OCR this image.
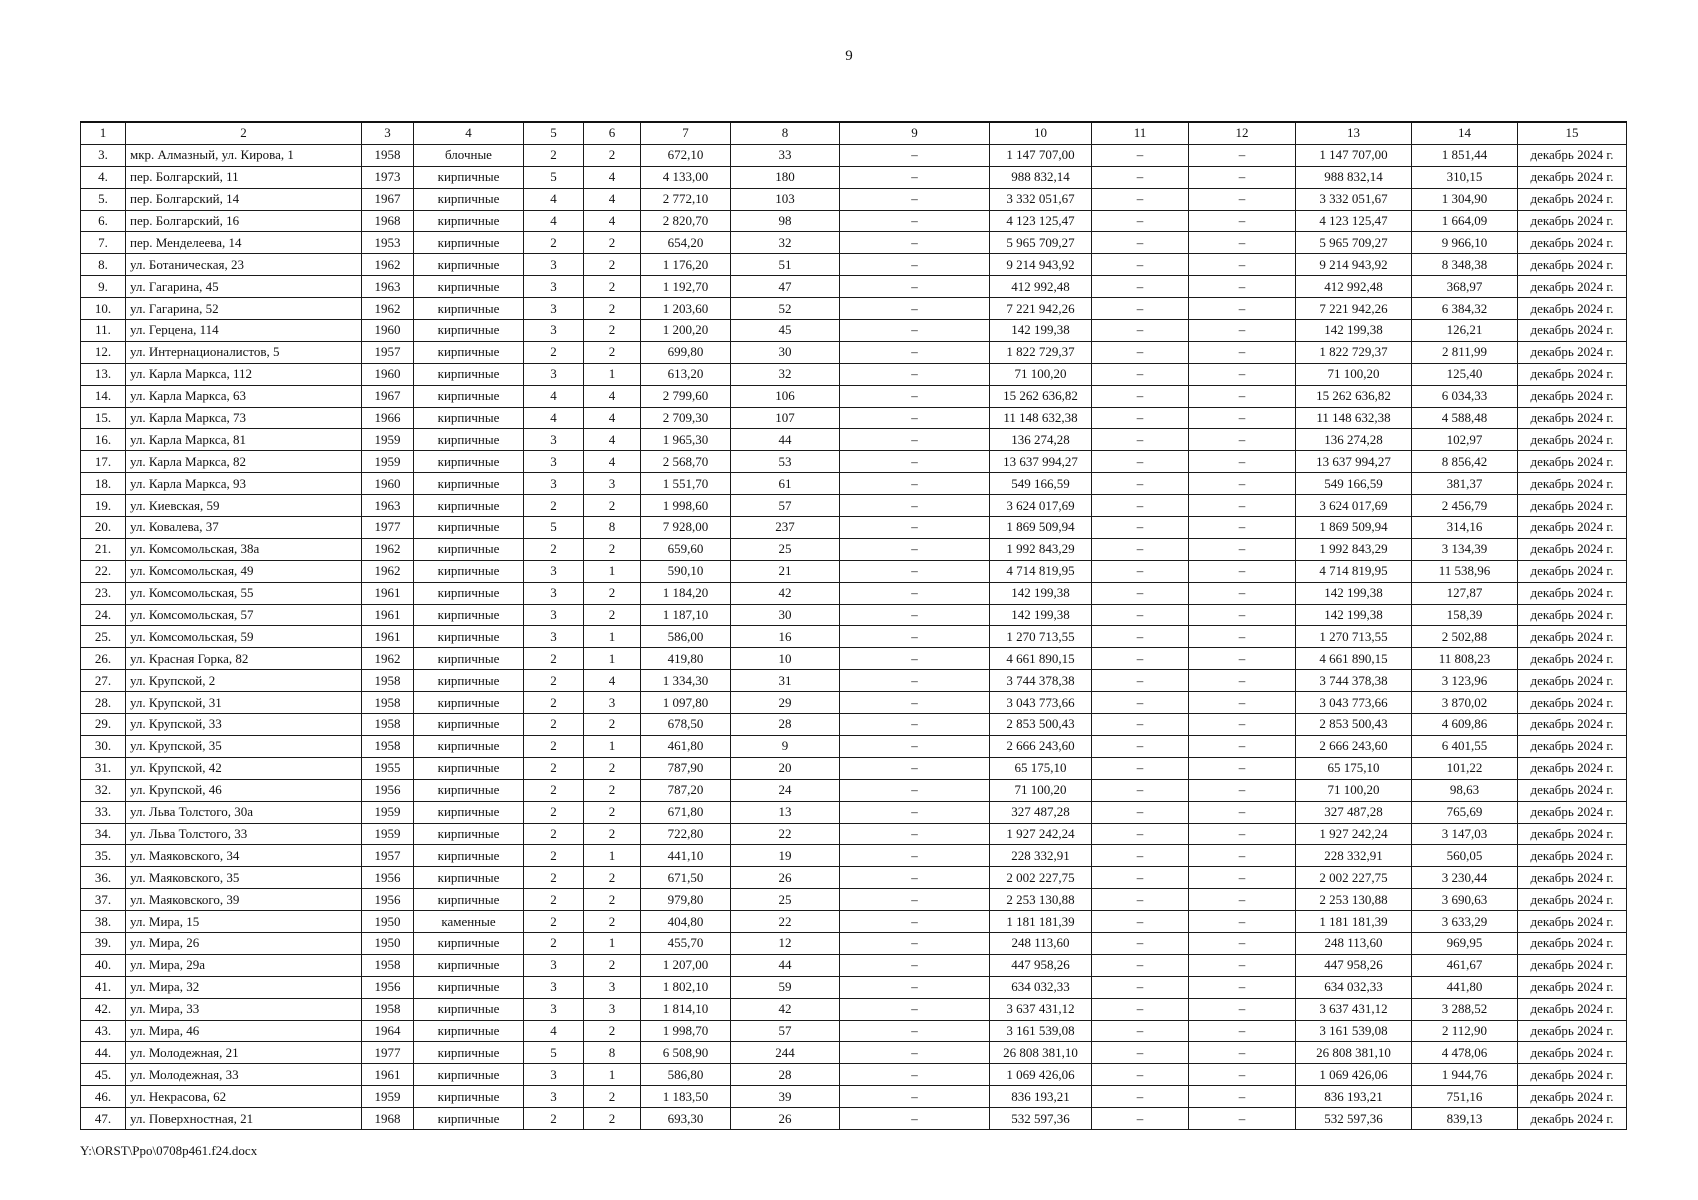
9
1	2	3	4	5	6	7	8	9	10	11	12	13	14	15
3.	мкр. Алмазный, ул. Кирова, 1	1958	блочные	2	2	672,10	33	–	1 147 707,00	–	–	1 147 707,00	1 851,44	декабрь 2024 г.
4.	пер. Болгарский, 11	1973	кирпичные	5	4	4 133,00	180	–	988 832,14	–	–	988 832,14	310,15	декабрь 2024 г.
5.	пер. Болгарский, 14	1967	кирпичные	4	4	2 772,10	103	–	3 332 051,67	–	–	3 332 051,67	1 304,90	декабрь 2024 г.
6.	пер. Болгарский, 16	1968	кирпичные	4	4	2 820,70	98	–	4 123 125,47	–	–	4 123 125,47	1 664,09	декабрь 2024 г.
7.	пер. Менделеева, 14	1953	кирпичные	2	2	654,20	32	–	5 965 709,27	–	–	5 965 709,27	9 966,10	декабрь 2024 г.
8.	ул. Ботаническая, 23	1962	кирпичные	3	2	1 176,20	51	–	9 214 943,92	–	–	9 214 943,92	8 348,38	декабрь 2024 г.
9.	ул. Гагарина, 45	1963	кирпичные	3	2	1 192,70	47	–	412 992,48	–	–	412 992,48	368,97	декабрь 2024 г.
10.	ул. Гагарина, 52	1962	кирпичные	3	2	1 203,60	52	–	7 221 942,26	–	–	7 221 942,26	6 384,32	декабрь 2024 г.
11.	ул. Герцена, 114	1960	кирпичные	3	2	1 200,20	45	–	142 199,38	–	–	142 199,38	126,21	декабрь 2024 г.
12.	ул. Интернационалистов, 5	1957	кирпичные	2	2	699,80	30	–	1 822 729,37	–	–	1 822 729,37	2 811,99	декабрь 2024 г.
13.	ул. Карла Маркса, 112	1960	кирпичные	3	1	613,20	32	–	71 100,20	–	–	71 100,20	125,40	декабрь 2024 г.
14.	ул. Карла Маркса, 63	1967	кирпичные	4	4	2 799,60	106	–	15 262 636,82	–	–	15 262 636,82	6 034,33	декабрь 2024 г.
15.	ул. Карла Маркса, 73	1966	кирпичные	4	4	2 709,30	107	–	11 148 632,38	–	–	11 148 632,38	4 588,48	декабрь 2024 г.
16.	ул. Карла Маркса, 81	1959	кирпичные	3	4	1 965,30	44	–	136 274,28	–	–	136 274,28	102,97	декабрь 2024 г.
17.	ул. Карла Маркса, 82	1959	кирпичные	3	4	2 568,70	53	–	13 637 994,27	–	–	13 637 994,27	8 856,42	декабрь 2024 г.
18.	ул. Карла Маркса, 93	1960	кирпичные	3	3	1 551,70	61	–	549 166,59	–	–	549 166,59	381,37	декабрь 2024 г.
19.	ул. Киевская, 59	1963	кирпичные	2	2	1 998,60	57	–	3 624 017,69	–	–	3 624 017,69	2 456,79	декабрь 2024 г.
20.	ул. Ковалева, 37	1977	кирпичные	5	8	7 928,00	237	–	1 869 509,94	–	–	1 869 509,94	314,16	декабрь 2024 г.
21.	ул. Комсомольская, 38а	1962	кирпичные	2	2	659,60	25	–	1 992 843,29	–	–	1 992 843,29	3 134,39	декабрь 2024 г.
22.	ул. Комсомольская, 49	1962	кирпичные	3	1	590,10	21	–	4 714 819,95	–	–	4 714 819,95	11 538,96	декабрь 2024 г.
23.	ул. Комсомольская, 55	1961	кирпичные	3	2	1 184,20	42	–	142 199,38	–	–	142 199,38	127,87	декабрь 2024 г.
24.	ул. Комсомольская, 57	1961	кирпичные	3	2	1 187,10	30	–	142 199,38	–	–	142 199,38	158,39	декабрь 2024 г.
25.	ул. Комсомольская, 59	1961	кирпичные	3	1	586,00	16	–	1 270 713,55	–	–	1 270 713,55	2 502,88	декабрь 2024 г.
26.	ул. Красная Горка, 82	1962	кирпичные	2	1	419,80	10	–	4 661 890,15	–	–	4 661 890,15	11 808,23	декабрь 2024 г.
27.	ул. Крупской, 2	1958	кирпичные	2	4	1 334,30	31	–	3 744 378,38	–	–	3 744 378,38	3 123,96	декабрь 2024 г.
28.	ул. Крупской, 31	1958	кирпичные	2	3	1 097,80	29	–	3 043 773,66	–	–	3 043 773,66	3 870,02	декабрь 2024 г.
29.	ул. Крупской, 33	1958	кирпичные	2	2	678,50	28	–	2 853 500,43	–	–	2 853 500,43	4 609,86	декабрь 2024 г.
30.	ул. Крупской, 35	1958	кирпичные	2	1	461,80	9	–	2 666 243,60	–	–	2 666 243,60	6 401,55	декабрь 2024 г.
31.	ул. Крупской, 42	1955	кирпичные	2	2	787,90	20	–	65 175,10	–	–	65 175,10	101,22	декабрь 2024 г.
32.	ул. Крупской, 46	1956	кирпичные	2	2	787,20	24	–	71 100,20	–	–	71 100,20	98,63	декабрь 2024 г.
33.	ул. Льва Толстого, 30а	1959	кирпичные	2	2	671,80	13	–	327 487,28	–	–	327 487,28	765,69	декабрь 2024 г.
34.	ул. Льва Толстого, 33	1959	кирпичные	2	2	722,80	22	–	1 927 242,24	–	–	1 927 242,24	3 147,03	декабрь 2024 г.
35.	ул. Маяковского, 34	1957	кирпичные	2	1	441,10	19	–	228 332,91	–	–	228 332,91	560,05	декабрь 2024 г.
36.	ул. Маяковского, 35	1956	кирпичные	2	2	671,50	26	–	2 002 227,75	–	–	2 002 227,75	3 230,44	декабрь 2024 г.
37.	ул. Маяковского, 39	1956	кирпичные	2	2	979,80	25	–	2 253 130,88	–	–	2 253 130,88	3 690,63	декабрь 2024 г.
38.	ул. Мира, 15	1950	каменные	2	2	404,80	22	–	1 181 181,39	–	–	1 181 181,39	3 633,29	декабрь 2024 г.
39.	ул. Мира, 26	1950	кирпичные	2	1	455,70	12	–	248 113,60	–	–	248 113,60	969,95	декабрь 2024 г.
40.	ул. Мира, 29а	1958	кирпичные	3	2	1 207,00	44	–	447 958,26	–	–	447 958,26	461,67	декабрь 2024 г.
41.	ул. Мира, 32	1956	кирпичные	3	3	1 802,10	59	–	634 032,33	–	–	634 032,33	441,80	декабрь 2024 г.
42.	ул. Мира, 33	1958	кирпичные	3	3	1 814,10	42	–	3 637 431,12	–	–	3 637 431,12	3 288,52	декабрь 2024 г.
43.	ул. Мира, 46	1964	кирпичные	4	2	1 998,70	57	–	3 161 539,08	–	–	3 161 539,08	2 112,90	декабрь 2024 г.
44.	ул. Молодежная, 21	1977	кирпичные	5	8	6 508,90	244	–	26 808 381,10	–	–	26 808 381,10	4 478,06	декабрь 2024 г.
45.	ул. Молодежная, 33	1961	кирпичные	3	1	586,80	28	–	1 069 426,06	–	–	1 069 426,06	1 944,76	декабрь 2024 г.
46.	ул. Некрасова, 62	1959	кирпичные	3	2	1 183,50	39	–	836 193,21	–	–	836 193,21	751,16	декабрь 2024 г.
47.	ул. Поверхностная, 21	1968	кирпичные	2	2	693,30	26	–	532 597,36	–	–	532 597,36	839,13	декабрь 2024 г.
Y:\ORST\Ppo\0708p461.f24.docx
